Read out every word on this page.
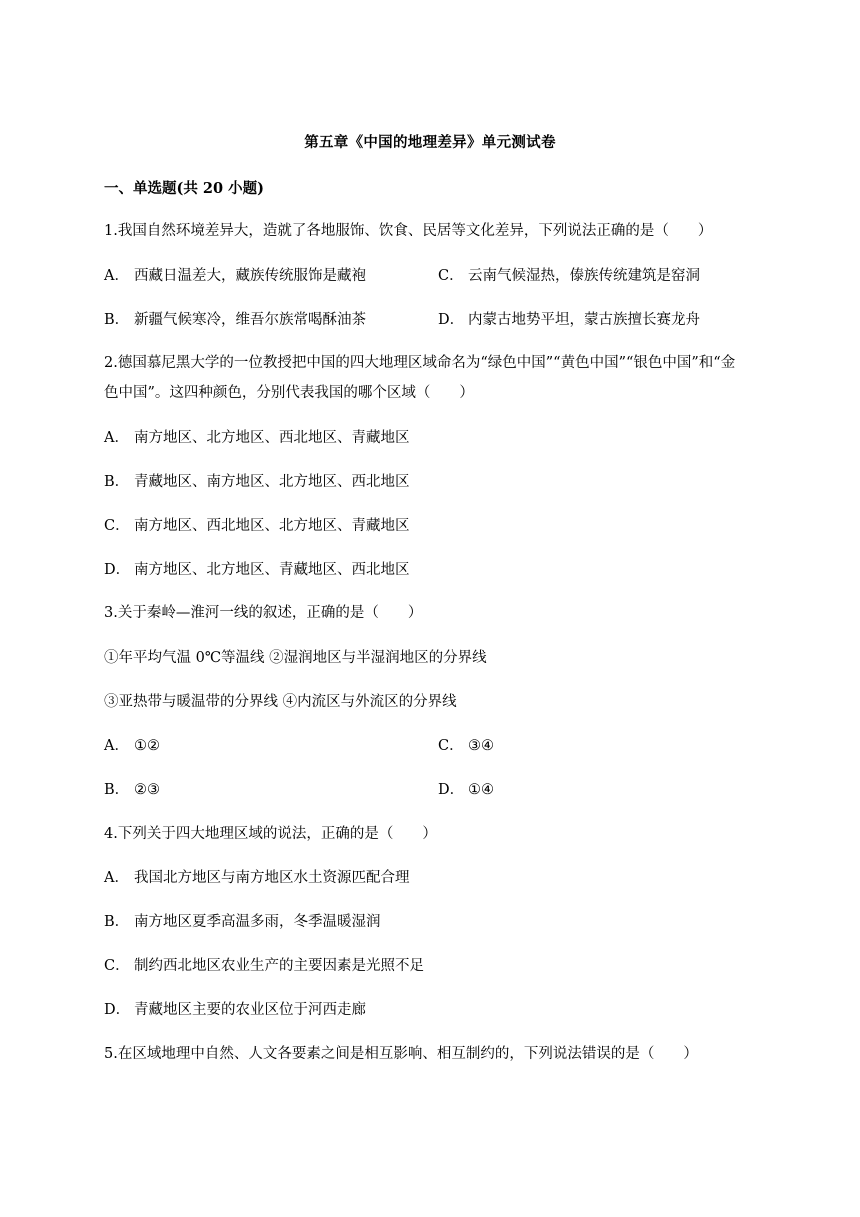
第五章《中国的地理差异》单元测试卷
一、单选题(共 20 小题)
1.我国自然环境差异大，造就了各地服饰、饮食、民居等文化差异，下列说法正确的是（　　）
A． 西藏日温差大，藏族传统服饰是藏袍	C． 云南气候湿热，傣族传统建筑是窑洞
B． 新疆气候寒冷，维吾尔族常喝酥油茶	D． 内蒙古地势平坦，蒙古族擅长赛龙舟
2.德国慕尼黑大学的一位教授把中国的四大地理区域命名为“绿色中国”“黄色中国”“银色中国”和“金
色中国”。这四种颜色，分别代表我国的哪个区域（　　）
A． 南方地区、北方地区、西北地区、青藏地区
B． 青藏地区、南方地区、北方地区、西北地区
C． 南方地区、西北地区、北方地区、青藏地区
D． 南方地区、北方地区、青藏地区、西北地区
3.关于秦岭—淮河一线的叙述，正确的是（　　）
①年平均气温 0℃等温线 ②湿润地区与半湿润地区的分界线
③亚热带与暖温带的分界线 ④内流区与外流区的分界线
A． ①②	C． ③④
B． ②③	D． ①④
4.下列关于四大地理区域的说法，正确的是（　　）
A． 我国北方地区与南方地区水土资源匹配合理
B． 南方地区夏季高温多雨，冬季温暖湿润
C． 制约西北地区农业生产的主要因素是光照不足
D． 青藏地区主要的农业区位于河西走廊
5.在区域地理中自然、人文各要素之间是相互影响、相互制约的，下列说法错误的是（　　）
